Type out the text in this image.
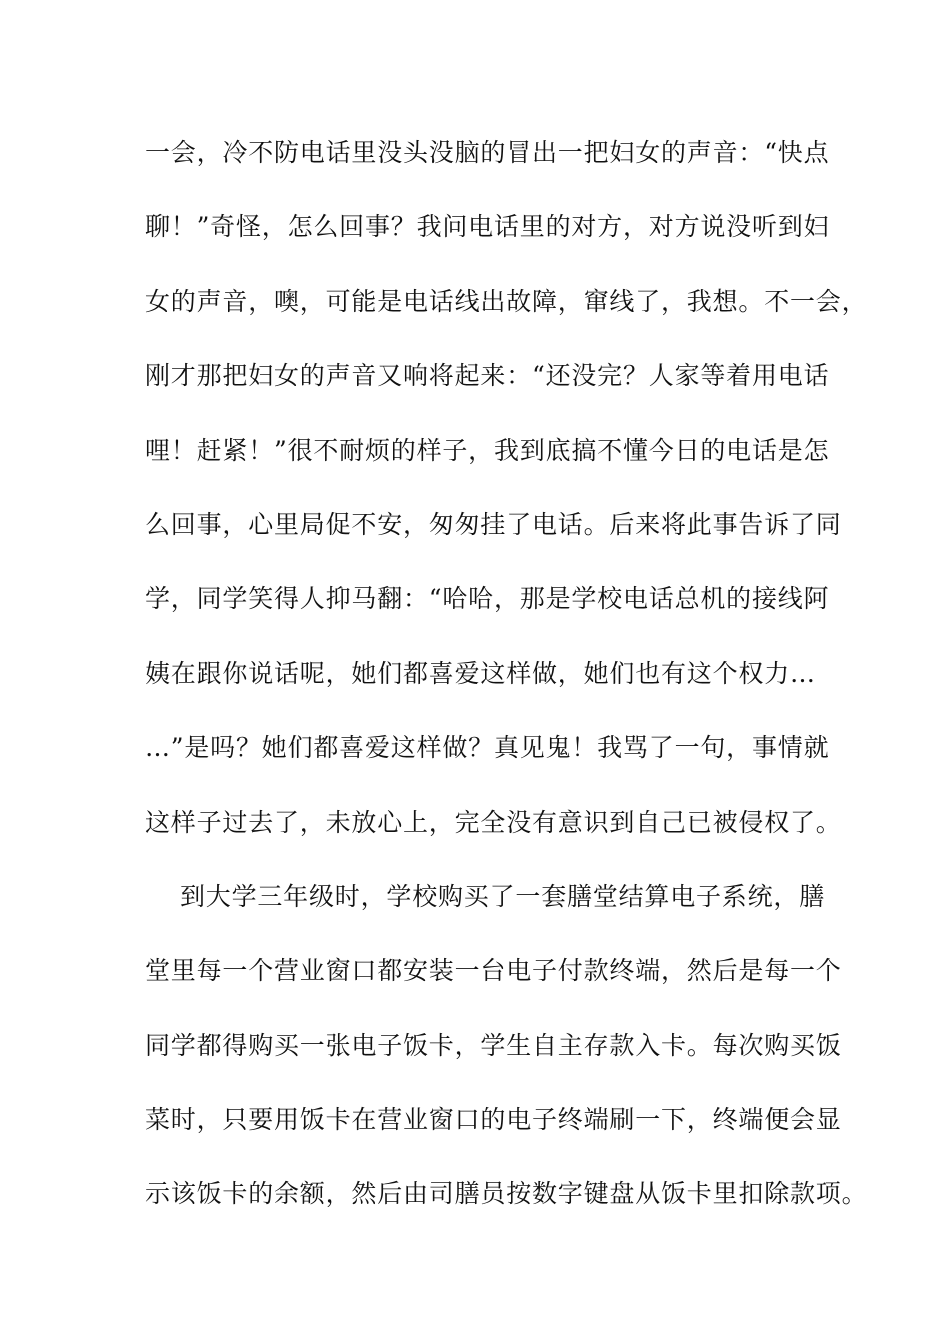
一会，冷不防电话里没头没脑的冒出一把妇女的声音：“快点
聊！”奇怪，怎么回事？我问电话里的对方，对方说没听到妇
女的声音，噢，可能是电话线出故障，窜线了，我想。不一会，
刚才那把妇女的声音又响将起来：“还没完？人家等着用电话
哩！赶紧！”很不耐烦的样子，我到底搞不懂今日的电话是怎
么回事，心里局促不安，匆匆挂了电话。后来将此事告诉了同
学，同学笑得人抑马翻：“哈哈，那是学校电话总机的接线阿
姨在跟你说话呢，她们都喜爱这样做，她们也有这个权力…
…”是吗？她们都喜爱这样做？真见鬼！我骂了一句，事情就
这样子过去了，未放心上，完全没有意识到自己已被侵权了。
到大学三年级时，学校购买了一套膳堂结算电子系统，膳
堂里每一个营业窗口都安装一台电子付款终端，然后是每一个
同学都得购买一张电子饭卡，学生自主存款入卡。每次购买饭
菜时，只要用饭卡在营业窗口的电子终端刷一下，终端便会显
示该饭卡的余额，然后由司膳员按数字键盘从饭卡里扣除款项。
